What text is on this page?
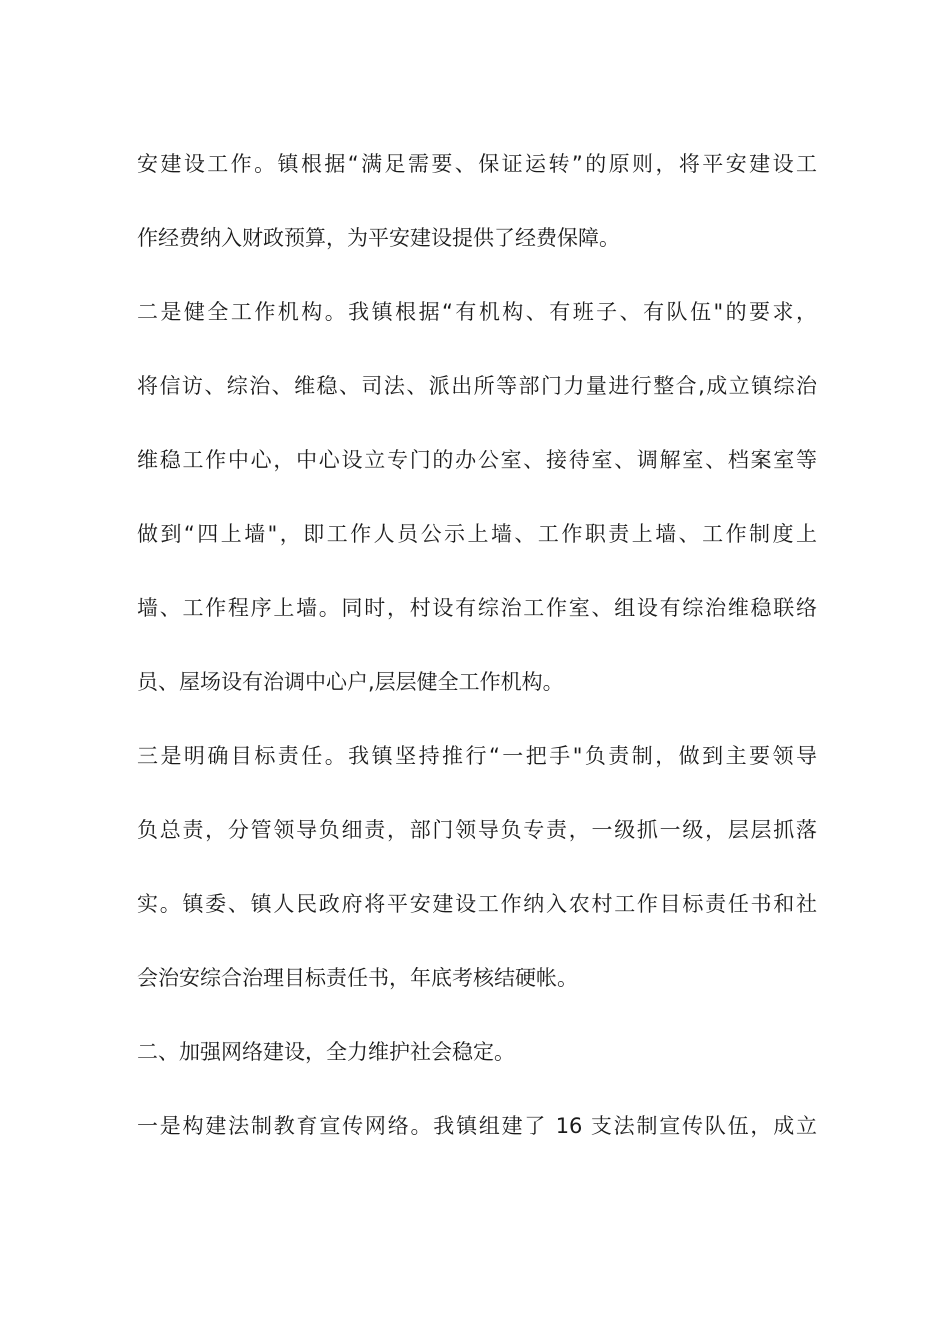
安建设工作。镇根据“满足需要、保证运转”的原则，将平安建设工
作经费纳入财政预算，为平安建设提供了经费保障。
二是健全工作机构。我镇根据“有机构、有班子、有队伍"的要求，
将信访、综治、维稳、司法、派出所等部门力量进行整合,成立镇综治
维稳工作中心，中心设立专门的办公室、接待室、调解室、档案室等
做到“四上墙"，即工作人员公示上墙、工作职责上墙、工作制度上
墙、工作程序上墙。同时，村设有综治工作室、组设有综治维稳联络
员、屋场设有治调中心户,层层健全工作机构。
三是明确目标责任。我镇坚持推行“一把手"负责制，做到主要领导
负总责，分管领导负细责，部门领导负专责，一级抓一级，层层抓落
实。镇委、镇人民政府将平安建设工作纳入农村工作目标责任书和社
会治安综合治理目标责任书，年底考核结硬帐。
二、加强网络建设，全力维护社会稳定。
一是构建法制教育宣传网络。我镇组建了 16 支法制宣传队伍，成立
